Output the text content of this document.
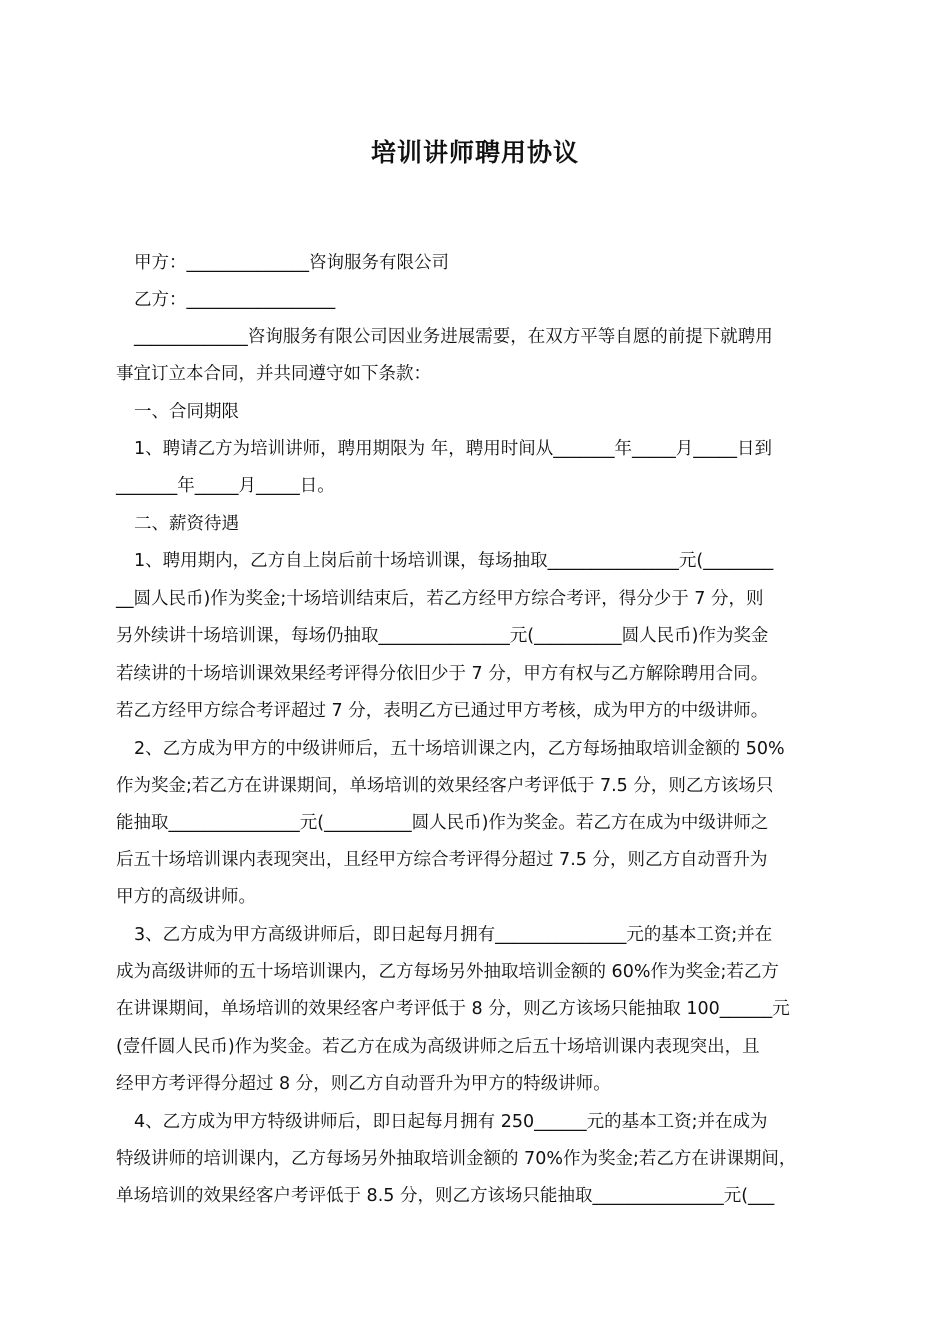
培训讲师聘用协议

甲方：______________咨询服务有限公司

乙方：_________________

_____________咨询服务有限公司因业务进展需要，在双方平等自愿的前提下就聘用

事宜订立本合同，并共同遵守如下条款：

一、合同期限

1、聘请乙方为培训讲师，聘用期限为 年，聘用时间从_______年_____月_____日到

_______年_____月_____日。

二、薪资待遇

1、聘用期内，乙方自上岗后前十场培训课，每场抽取_______________元(________

__圆人民币)作为奖金;十场培训结束后，若乙方经甲方综合考评，得分少于 7 分，则

另外续讲十场培训课，每场仍抽取_______________元(__________圆人民币)作为奖金

若续讲的十场培训课效果经考评得分依旧少于 7 分，甲方有权与乙方解除聘用合同。

若乙方经甲方综合考评超过 7 分，表明乙方已通过甲方考核，成为甲方的中级讲师。

2、乙方成为甲方的中级讲师后，五十场培训课之内，乙方每场抽取培训金额的 50%

作为奖金;若乙方在讲课期间，单场培训的效果经客户考评低于 7.5 分，则乙方该场只

能抽取_______________元(__________圆人民币)作为奖金。若乙方在成为中级讲师之

后五十场培训课内表现突出，且经甲方综合考评得分超过 7.5 分，则乙方自动晋升为

甲方的高级讲师。

3、乙方成为甲方高级讲师后，即日起每月拥有_______________元的基本工资;并在

成为高级讲师的五十场培训课内，乙方每场另外抽取培训金额的 60%作为奖金;若乙方

在讲课期间，单场培训的效果经客户考评低于 8 分，则乙方该场只能抽取 100______元

(壹仟圆人民币)作为奖金。若乙方在成为高级讲师之后五十场培训课内表现突出，且

经甲方考评得分超过 8 分，则乙方自动晋升为甲方的特级讲师。

4、乙方成为甲方特级讲师后，即日起每月拥有 250______元的基本工资;并在成为

特级讲师的培训课内，乙方每场另外抽取培训金额的 70%作为奖金;若乙方在讲课期间，

单场培训的效果经客户考评低于 8.5 分，则乙方该场只能抽取_______________元(___
